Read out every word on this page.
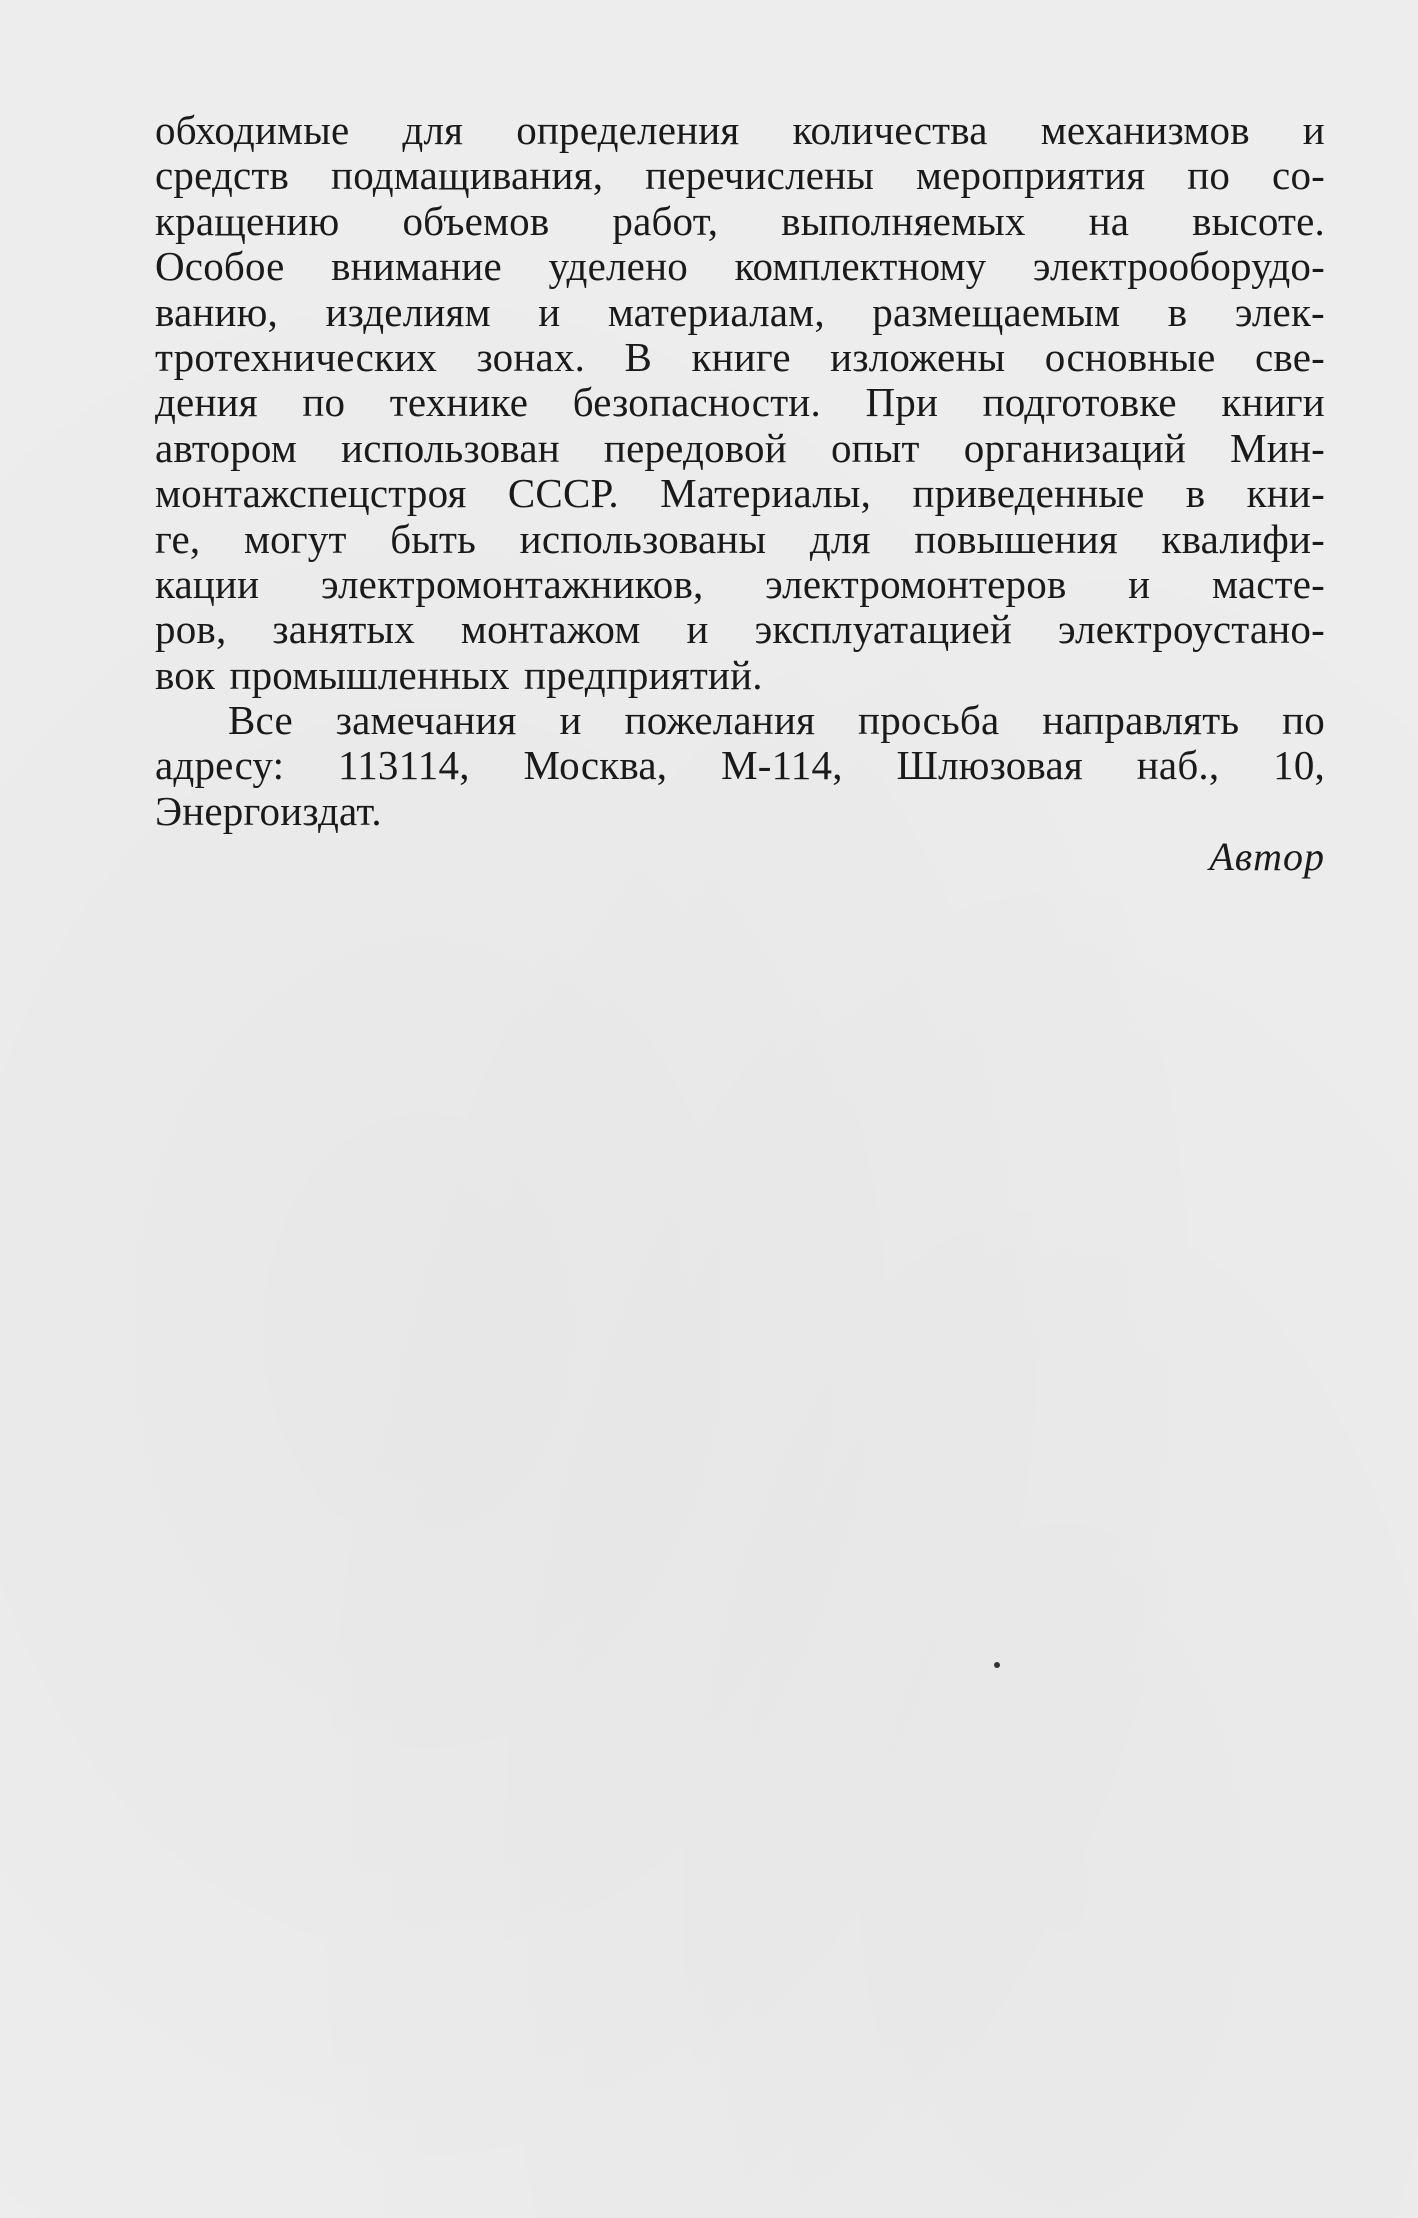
обходимые для определения количества механизмов и
средств подмащивания, перечислены мероприятия по со-
кращению объемов работ, выполняемых на высоте.
Особое внимание уделено комплектному электрооборудо-
ванию, изделиям и материалам, размещаемым в элек-
тротехнических зонах. В книге изложены основные све-
дения по технике безопасности. При подготовке книги
автором использован передовой опыт организаций Мин-
монтажспецстроя СССР. Материалы, приведенные в кни-
ге, могут быть использованы для повышения квалифи-
кации электромонтажников, электромонтеров и масте-
ров, занятых монтажом и эксплуатацией электроустано-
вок промышленных предприятий.
Все замечания и пожелания просьба направлять по
адресу: 113114, Москва, М-114, Шлюзовая наб., 10,
Энергоиздат.
Автор
